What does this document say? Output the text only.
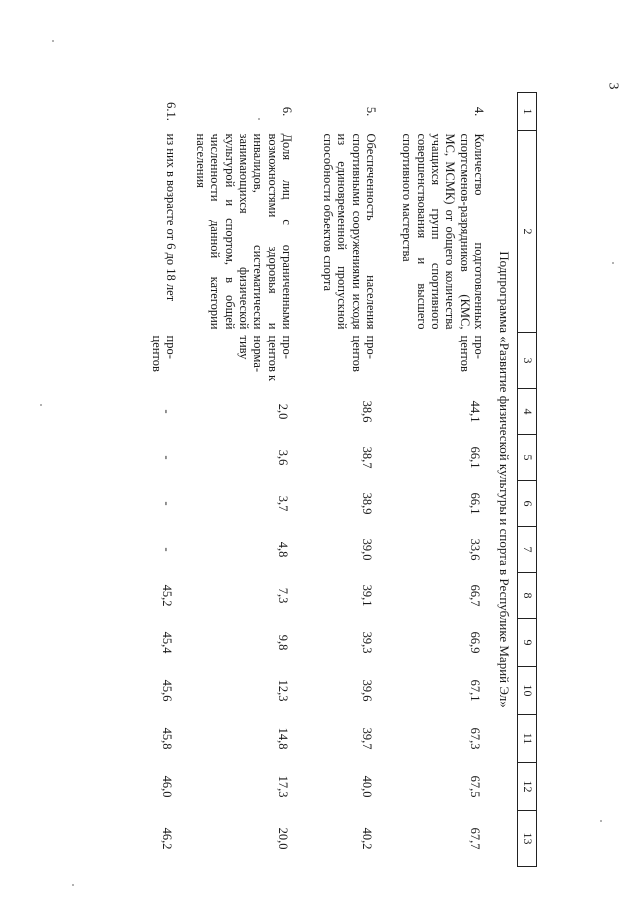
3
1	2	3	4	5	6	7	8	9	10	11	12	13
Подпрограмма «Развитие физической культуры и спорта в Республике Марий Эл»												
4.	Количество подготовленных спортсменов-разрядников (КМС, МС, МСМК) от общего количества учащихся групп спортивного совершенствования и высшего спортивного мастерства	про-центов	44,1	66,1	66,1	33,6	66,7	66,9	67,1	67,3	67,5	67,7
5.	Обеспеченность населения спортивными сооружениями исходя из единовременной пропускной способности объектов спорта	про-центов	38,6	38,7	38,9	39,0	39,1	39,3	39,6	39,7	40,0	40,2
6.	Доля лиц с ограниченными возможностями здоровья и инвалидов, систематически занимающихся физической культурой и спортом, в общей численности данной категории населения	про-центов к норма-тиву	2,0	3,6	3,7	4,8	7,3	9,8	12,3	14,8	17,3	20,0
6.1.	из них в возрасте от 6 до 18 лет	про-центов	-	-	-	-	45,2	45,4	45,6	45,8	46,0	46,2
